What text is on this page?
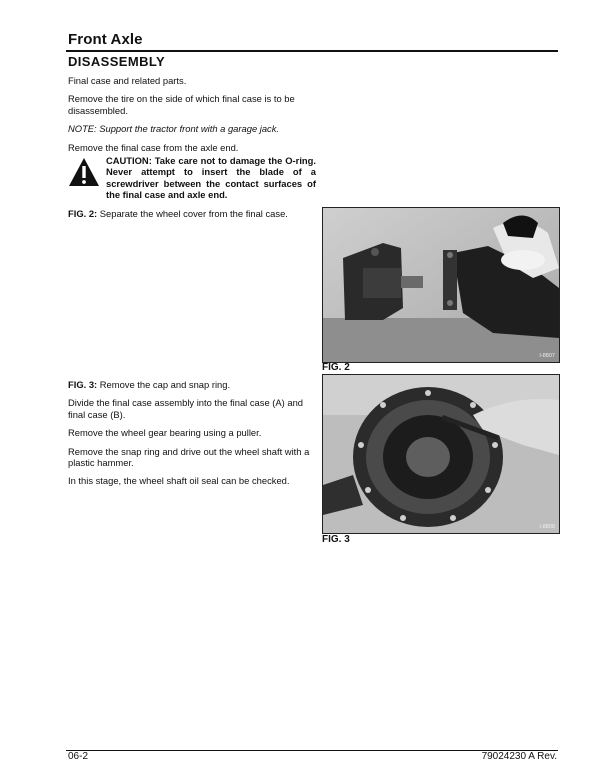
Front Axle
DISASSEMBLY

Final case and related parts.

Remove the tire on the side of which final case is to be disassembled.

NOTE: Support the tractor front with a garage jack.

Remove the final case from the axle end.

CAUTION: Take care not to damage the O-ring. Never attempt to insert the blade of a screwdriver between the contact surfaces of the final case and axle end.

FIG. 2: Separate the wheel cover from the final case.

FIG. 3: Remove the cap and snap ring.

Divide the final case assembly into the final case (A) and final case (B).

Remove the wheel gear bearing using a puller.

Remove the snap ring and drive out the wheel shaft with a plastic hammer.

In this stage, the wheel shaft oil seal can be checked.

I-8807
FIG. 2
I-8808
FIG. 3
06-2	79024230 A Rev.
